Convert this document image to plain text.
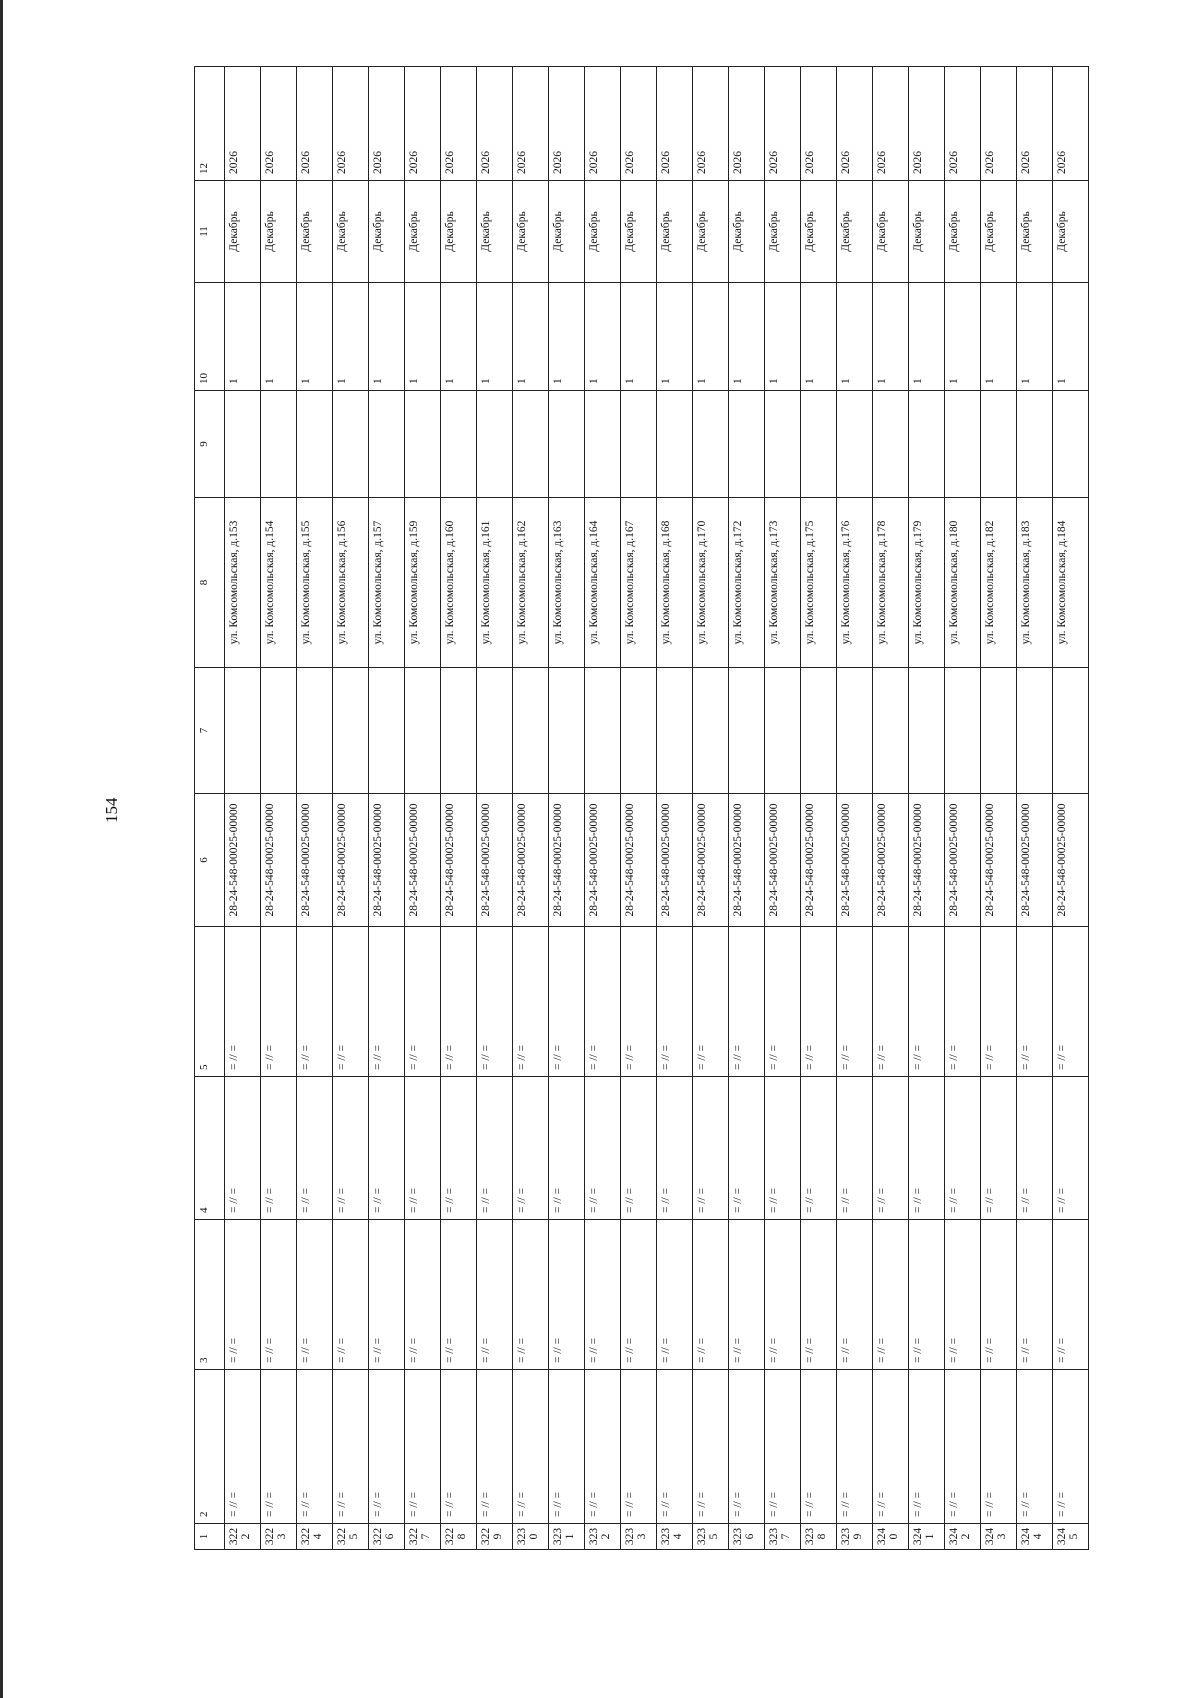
154
1	2	3	4	5	6	7	8	9	10	11	12
3222	= // =	= // =	= // =	= // =	28-24-548-00025-00000		ул. Комсомольская, д.153		1	Декабрь	2026
3223	= // =	= // =	= // =	= // =	28-24-548-00025-00000		ул. Комсомольская, д.154		1	Декабрь	2026
3224	= // =	= // =	= // =	= // =	28-24-548-00025-00000		ул. Комсомольская, д.155		1	Декабрь	2026
3225	= // =	= // =	= // =	= // =	28-24-548-00025-00000		ул. Комсомольская, д.156		1	Декабрь	2026
3226	= // =	= // =	= // =	= // =	28-24-548-00025-00000		ул. Комсомольская, д.157		1	Декабрь	2026
3227	= // =	= // =	= // =	= // =	28-24-548-00025-00000		ул. Комсомольская, д.159		1	Декабрь	2026
3228	= // =	= // =	= // =	= // =	28-24-548-00025-00000		ул. Комсомольская, д.160		1	Декабрь	2026
3229	= // =	= // =	= // =	= // =	28-24-548-00025-00000		ул. Комсомольская, д.161		1	Декабрь	2026
3230	= // =	= // =	= // =	= // =	28-24-548-00025-00000		ул. Комсомольская, д.162		1	Декабрь	2026
3231	= // =	= // =	= // =	= // =	28-24-548-00025-00000		ул. Комсомольская, д.163		1	Декабрь	2026
3232	= // =	= // =	= // =	= // =	28-24-548-00025-00000		ул. Комсомольская, д.164		1	Декабрь	2026
3233	= // =	= // =	= // =	= // =	28-24-548-00025-00000		ул. Комсомольская, д.167		1	Декабрь	2026
3234	= // =	= // =	= // =	= // =	28-24-548-00025-00000		ул. Комсомольская, д.168		1	Декабрь	2026
3235	= // =	= // =	= // =	= // =	28-24-548-00025-00000		ул. Комсомольская, д.170		1	Декабрь	2026
3236	= // =	= // =	= // =	= // =	28-24-548-00025-00000		ул. Комсомольская, д.172		1	Декабрь	2026
3237	= // =	= // =	= // =	= // =	28-24-548-00025-00000		ул. Комсомольская, д.173		1	Декабрь	2026
3238	= // =	= // =	= // =	= // =	28-24-548-00025-00000		ул. Комсомольская, д.175		1	Декабрь	2026
3239	= // =	= // =	= // =	= // =	28-24-548-00025-00000		ул. Комсомольская, д.176		1	Декабрь	2026
3240	= // =	= // =	= // =	= // =	28-24-548-00025-00000		ул. Комсомольская, д.178		1	Декабрь	2026
3241	= // =	= // =	= // =	= // =	28-24-548-00025-00000		ул. Комсомольская, д.179		1	Декабрь	2026
3242	= // =	= // =	= // =	= // =	28-24-548-00025-00000		ул. Комсомольская, д.180		1	Декабрь	2026
3243	= // =	= // =	= // =	= // =	28-24-548-00025-00000		ул. Комсомольская, д.182		1	Декабрь	2026
3244	= // =	= // =	= // =	= // =	28-24-548-00025-00000		ул. Комсомольская, д.183		1	Декабрь	2026
3245	= // =	= // =	= // =	= // =	28-24-548-00025-00000		ул. Комсомольская, д.184		1	Декабрь	2026
